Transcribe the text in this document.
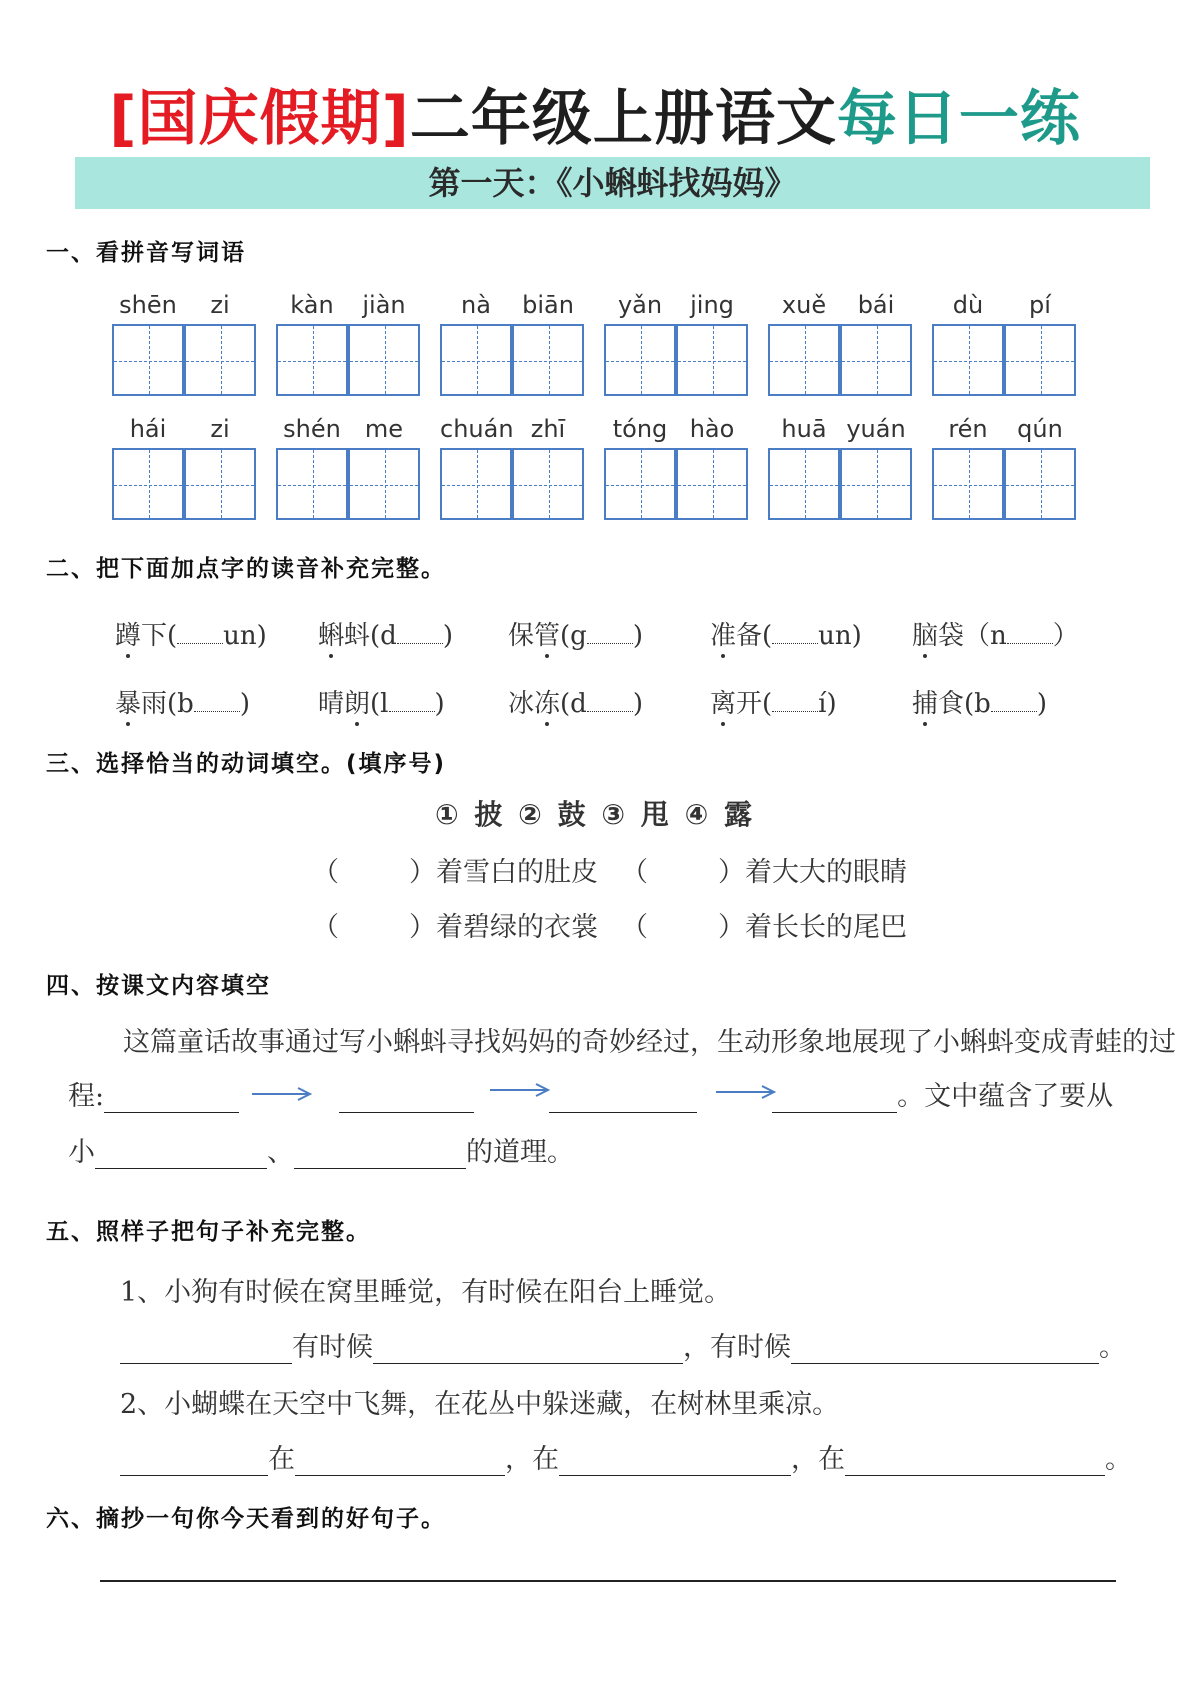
[国庆假期]二年级上册语文每日一练
第一天：《小蝌蚪找妈妈》
一、看拼音写词语
shēn	zi	kàn	jiàn	nà	biān	yǎn	jing	xuě	bái	dù	pí
hái	zi	shén	me	chuán zhī	tóng hào	huā yuán	rén	qún
二、把下面加点字的读音补充完整。
蹲下( un) 蝌蚪(d ) 保管(g )	准备( un) 脑袋（n ）
暴雨(b )	晴朗(l ) 冰冻(d )	离开( í)	捕食(b )
三、选择恰当的动词填空。(填序号)
① 披 ② 鼓 ③ 甩 ④ 露
（	）着雪白的肚皮 （	）着大大的眼睛
（	）着碧绿的衣裳 （	）着长长的尾巴
四、按课文内容填空
这篇童话故事通过写小蝌蚪寻找妈妈的奇妙经过，生动形象地展现了小蝌蚪变成青蛙的过
程:	。文中蕴含了要从
小	、	的道理。
五、照样子把句子补充完整。
1、小狗有时候在窝里睡觉，有时候在阳台上睡觉。
有时候	，有时候	。
2、小蝴蝶在天空中飞舞，在花丛中躲迷藏，在树林里乘凉。
在	，在	，在	。
六、摘抄一句你今天看到的好句子。
